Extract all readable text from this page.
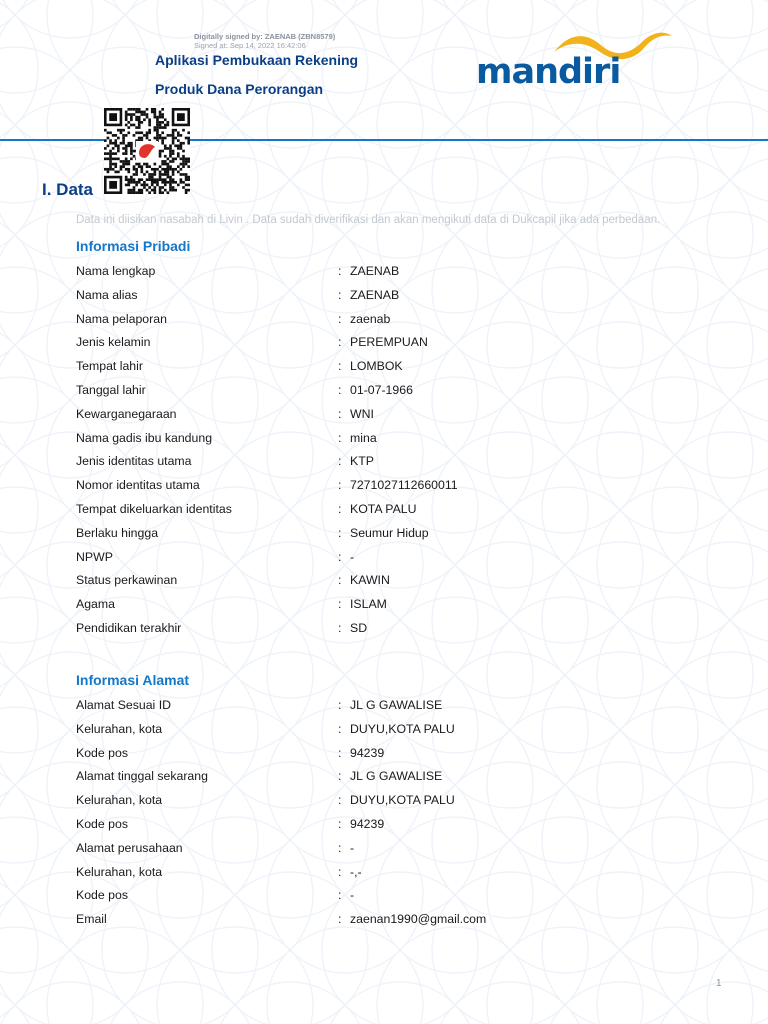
Digitally signed by: ZAENAB (ZBN8579)
Signed at: Sep 14, 2022 16:42:06
Aplikasi Pembukaan Rekening
Produk Dana Perorangan	mandiri
I. Data
Data ini diisikan nasabah di Livin . Data sudah diverifikasi dan akan mengikuti data di Dukcapil jika ada perbedaan.
Informasi Pribadi
Nama lengkap	: ZAENAB
Nama alias	: ZAENAB
Nama pelaporan	: zaenab
Jenis kelamin	: PEREMPUAN
Tempat lahir	: LOMBOK
Tanggal lahir	: 01-07-1966
Kewarganegaraan	: WNI
Nama gadis ibu kandung	: mina
Jenis identitas utama	: KTP
Nomor identitas utama	: 7271027112660011
Tempat dikeluarkan identitas	: KOTA PALU
Berlaku hingga	: Seumur Hidup
NPWP	: -
Status perkawinan	: KAWIN
Agama	: ISLAM
Pendidikan terakhir	: SD
Informasi Alamat
Alamat Sesuai ID	: JL G GAWALISE
Kelurahan, kota	: DUYU,KOTA PALU
Kode pos	: 94239
Alamat tinggal sekarang	: JL G GAWALISE
Kelurahan, kota	: DUYU,KOTA PALU
Kode pos	: 94239
Alamat perusahaan	: -
Kelurahan, kota	: -,-
Kode pos	: -
Email	: zaenan1990@gmail.com
1
